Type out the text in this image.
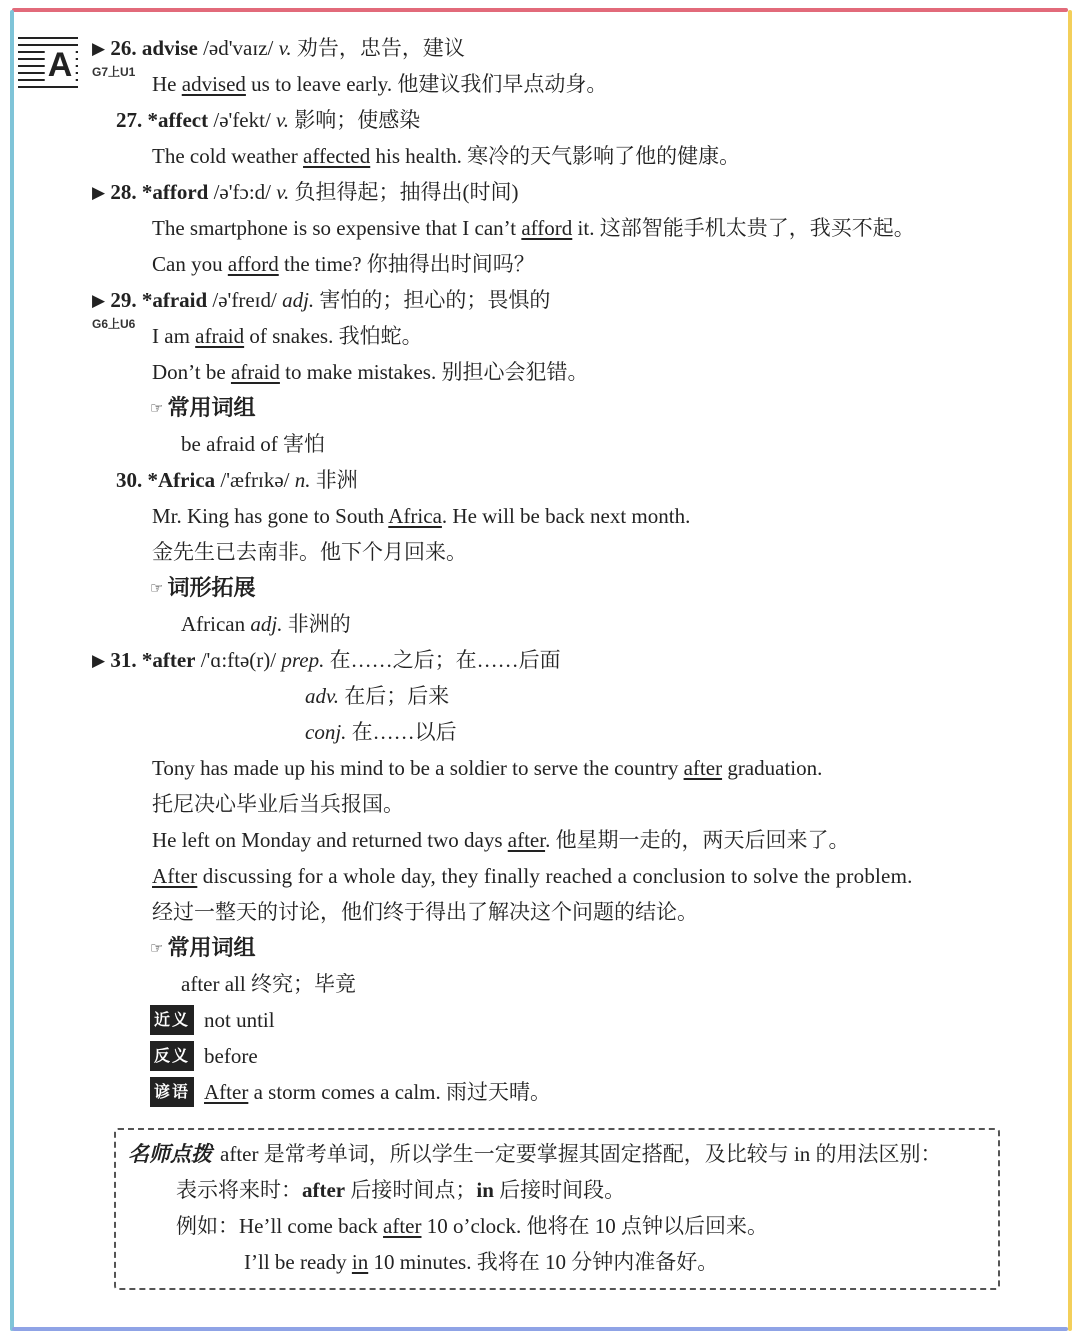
A ▶ 26. advise /əd'vaɪz/ v. 劝告，忠告，建议
G7上U1 He advised us to leave early. 他建议我们早点动身。
27. *affect /ə'fekt/ v. 影响；使感染
The cold weather affected his health. 寒冷的天气影响了他的健康。
▶ 28. *afford /ə'fɔ:d/ v. 负担得起；抽得出(时间)
The smartphone is so expensive that I can’t afford it. 这部智能手机太贵了，我买不起。
Can you afford the time? 你抽得出时间吗？
▶ 29. *afraid /ə'freɪd/ adj. 害怕的；担心的；畏惧的
G6上U6 I am afraid of snakes. 我怕蛇。
Don’t be afraid to make mistakes. 别担心会犯错。
☞ 常用词组
be afraid of 害怕
30. *Africa /'æfrɪkə/ n. 非洲
Mr. King has gone to South Africa. He will be back next month.
金先生已去南非。他下个月回来。
☞ 词形拓展
African adj. 非洲的
▶ 31. *after /'ɑ:ftə(r)/ prep. 在……之后；在……后面
adv. 在后；后来
conj. 在……以后
Tony has made up his mind to be a soldier to serve the country after graduation.
托尼决心毕业后当兵报国。
He left on Monday and returned two days after. 他星期一走的，两天后回来了。
After discussing for a whole day, they finally reached a conclusion to solve the problem.
经过一整天的讨论，他们终于得出了解决这个问题的结论。
☞ 常用词组
after all 终究；毕竟
近义 not until
反义 before
谚语 After a storm comes a calm. 雨过天晴。
名师点拨 after 是常考单词，所以学生一定要掌握其固定搭配，及比较与 in 的用法区别：
表示将来时：after 后接时间点；in 后接时间段。
例如：He’ll come back after 10 o’clock. 他将在 10 点钟以后回来。
I’ll be ready in 10 minutes. 我将在 10 分钟内准备好。
